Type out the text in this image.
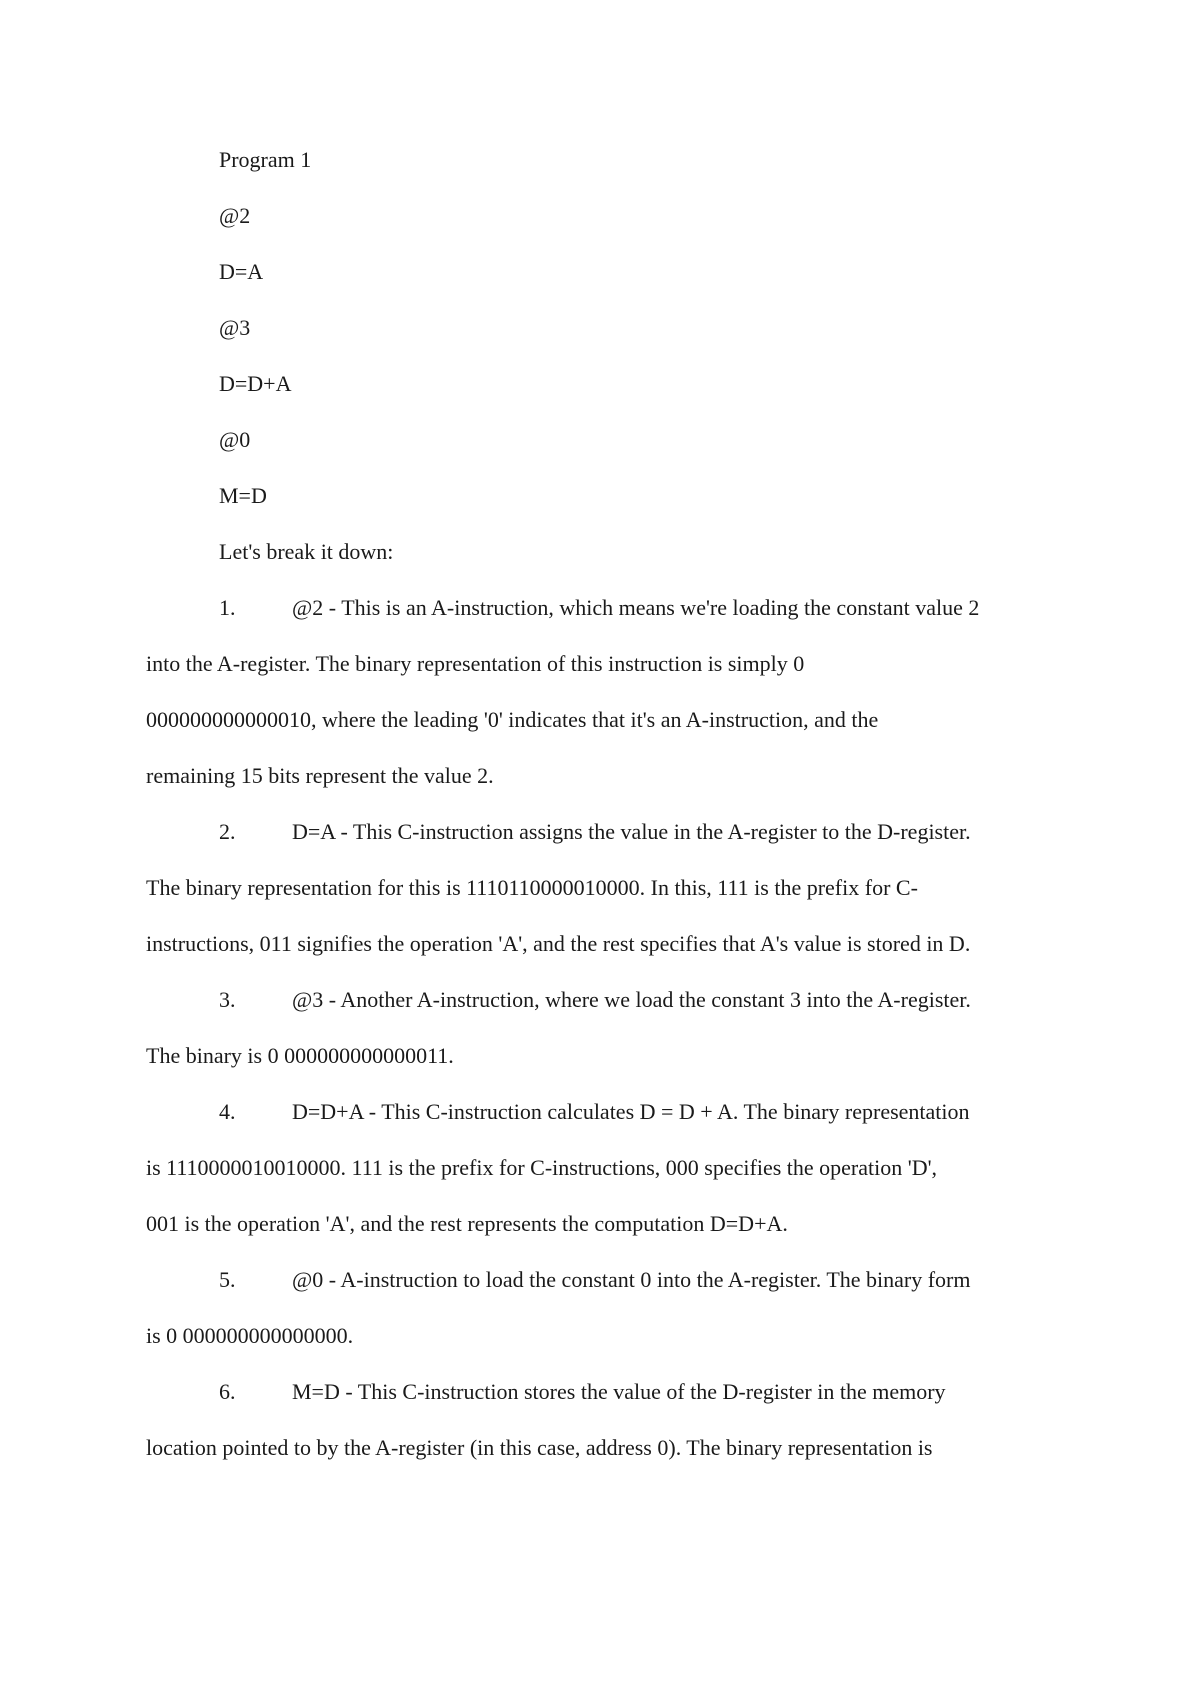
Program 1
@2
D=A
@3
D=D+A
@0
M=D
Let's break it down:
1.	@2 - This is an A-instruction, which means we're loading the constant value 2
into the A-register. The binary representation of this instruction is simply 0
000000000000010, where the leading '0' indicates that it's an A-instruction, and the
remaining 15 bits represent the value 2.
2.	D=A - This C-instruction assigns the value in the A-register to the D-register.
The binary representation for this is 1110110000010000. In this, 111 is the prefix for C-
instructions, 011 signifies the operation 'A', and the rest specifies that A's value is stored in D.
3.	@3 - Another A-instruction, where we load the constant 3 into the A-register.
The binary is 0 000000000000011.
4.	D=D+A - This C-instruction calculates D = D + A. The binary representation
is 1110000010010000. 111 is the prefix for C-instructions, 000 specifies the operation 'D',
001 is the operation 'A', and the rest represents the computation D=D+A.
5.	@0 - A-instruction to load the constant 0 into the A-register. The binary form
is 0 000000000000000.
6.	M=D - This C-instruction stores the value of the D-register in the memory
location pointed to by the A-register (in this case, address 0). The binary representation is
